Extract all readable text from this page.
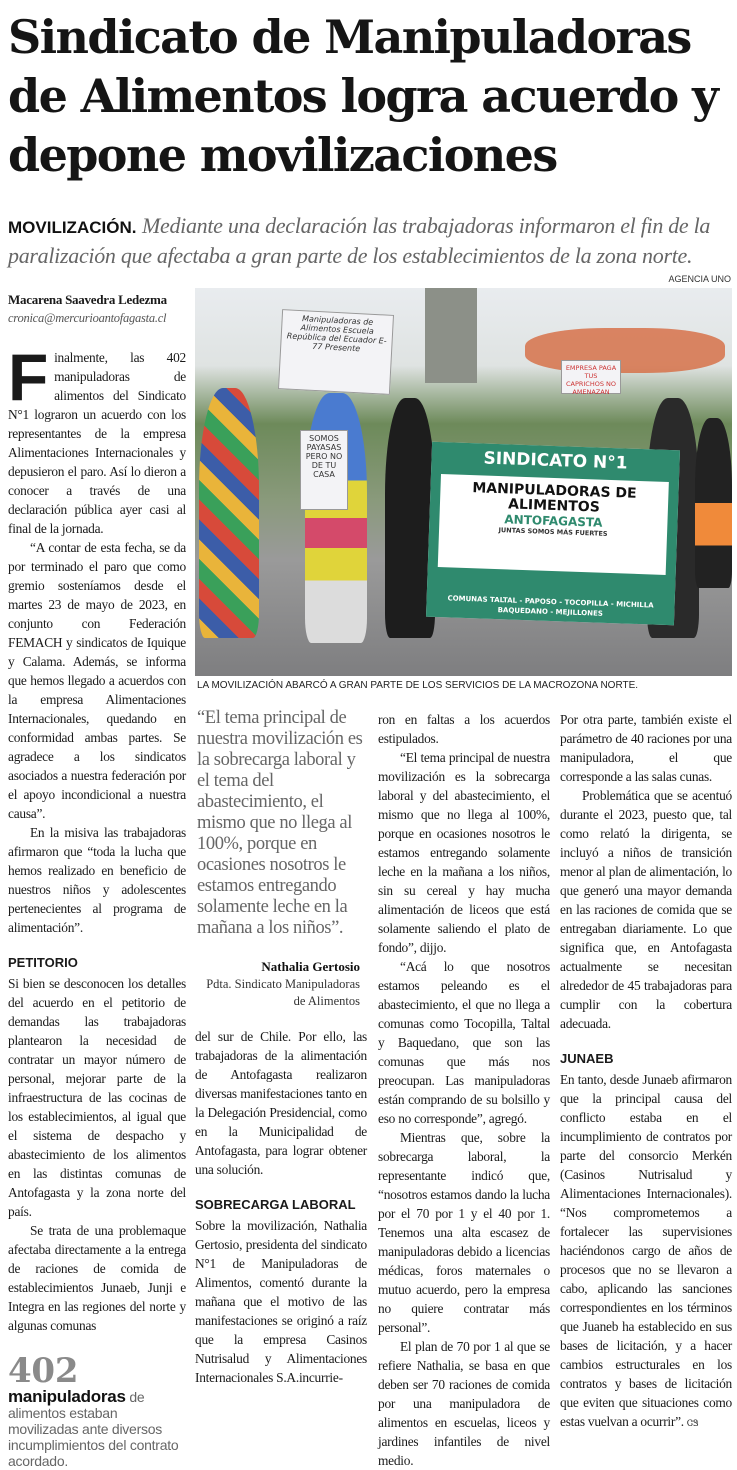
Sindicato de Manipuladoras de Alimentos logra acuerdo y depone movilizaciones
MOVILIZACIÓN. Mediante una declaración las trabajadoras informaron el fin de la paralización que afectaba a gran parte de los establecimientos de la zona norte.
AGENCIA UNO
Manipuladoras de Alimentos Escuela República del Ecuador E-77 Presente
SOMOS PAYASAS PERO NO DE TU CASA
EMPRESA PAGA TUS CAPRICHOS NO AMENAZAN
SINDICATO N°1
MANIPULADORAS DE ALIMENTOS
ANTOFAGASTA
JUNTAS SOMOS MÁS FUERTES
COMUNAS TALTAL - PAPOSO - TOCOPILLA - MICHILLA BAQUEDANO - MEJILLONES
LA MOVILIZACIÓN ABARCÓ A GRAN PARTE DE LOS SERVICIOS DE LA MACROZONA NORTE.
Macarena Saavedra Ledezma
cronica@mercurioantofagasta.cl

Finalmente, las 402 manipuladoras de alimentos del Sindicato N°1 lograron un acuerdo con los representantes de la empresa Alimentaciones Internacionales y depusieron el paro. Así lo dieron a conocer a través de una declaración pública ayer casi al final de la jornada.

“A contar de esta fecha, se da por terminado el paro que como gremio sosteníamos desde el martes 23 de mayo de 2023, en conjunto con Federación FEMACH y sindicatos de Iquique y Calama. Además, se informa que hemos llegado a acuerdos con la empresa Alimentaciones Internacionales, quedando en conformidad ambas partes. Se agradece a los sindicatos asociados a nuestra federación por el apoyo incondicional a nuestra causa”.

En la misiva las trabajadoras afirmaron que “toda la lucha que hemos realizado en beneficio de nuestros niños y adolescentes pertenecientes al programa de alimentación”.

PETITORIO

Si bien se desconocen los detalles del acuerdo en el petitorio de demandas las trabajadoras plantearon la necesidad de contratar un mayor número de personal, mejorar parte de la infraestructura de las cocinas de los establecimientos, al igual que el sistema de despacho y abastecimiento de los alimentos en las distintas comunas de Antofagasta y la zona norte del país.

Se trata de una problemaque afectaba directamente a la entrega de raciones de comida de establecimientos Junaeb, Junji e Integra en las regiones del norte y algunas comunas

402
manipuladoras de alimentos estaban movilizadas ante diversos incumplimientos del contrato acordado.
“El tema principal de nuestra movilización es la sobrecarga laboral y el tema del abastecimiento, el mismo que no llega al 100%, porque en ocasiones nosotros le estamos entregando solamente leche en la mañana a los niños”.
Nathalia Gertosio
Pdta. Sindicato Manipuladoras de Alimentos

del sur de Chile. Por ello, las trabajadoras de la alimentación de Antofagasta realizaron diversas manifestaciones tanto en la Delegación Presidencial, como en la Municipalidad de Antofagasta, para lograr obtener una solución.

SOBRECARGA LABORAL

Sobre la movilización, Nathalia Gertosio, presidenta del sindicato N°1 de Manipuladoras de Alimentos, comentó durante la mañana que el motivo de las manifestaciones se originó a raíz que la empresa Casinos Nutrisalud y Alimentaciones Internacionales S.A.incurrie-

ron en faltas a los acuerdos estipulados.

“El tema principal de nuestra movilización es la sobrecarga laboral y del abastecimiento, el mismo que no llega al 100%, porque en ocasiones nosotros le estamos entregando solamente leche en la mañana a los niños, sin su cereal y hay mucha alimentación de liceos que está solamente saliendo el plato de fondo”, dijjo.

“Acá lo que nosotros estamos peleando es el abastecimiento, el que no llega a comunas como Tocopilla, Taltal y Baquedano, que son las comunas que más nos preocupan. Las manipuladoras están comprando de su bolsillo y eso no corresponde”, agregó.

Mientras que, sobre la sobrecarga laboral, la representante indicó que, “nosotros estamos dando la lucha por el 70 por 1 y el 40 por 1. Tenemos una alta escasez de manipuladoras debido a licencias médicas, foros maternales o mutuo acuerdo, pero la empresa no quiere contratar más personal”.

El plan de 70 por 1 al que se refiere Nathalia, se basa en que deben ser 70 raciones de comida por una manipuladora de alimentos en escuelas, liceos y jardines infantiles de nivel medio.

Por otra parte, también existe el parámetro de 40 raciones por una manipuladora, el que corresponde a las salas cunas.

Problemática que se acentuó durante el 2023, puesto que, tal como relató la dirigenta, se incluyó a niños de transición menor al plan de alimentación, lo que generó una mayor demanda en las raciones de comida que se entregaban diariamente. Lo que significa que, en Antofagasta actualmente se necesitan alrededor de 45 trabajadoras para cumplir con la cobertura adecuada.

JUNAEB

En tanto, desde Junaeb afirmaron que la principal causa del conflicto estaba en el incumplimiento de contratos por parte del consorcio Merkén (Casinos Nutrisalud y Alimentaciones Internacionales). “Nos comprometemos a fortalecer las supervisiones haciéndonos cargo de años de procesos que no se llevaron a cabo, aplicando las sanciones correspondientes en los términos que Juaneb ha establecido en sus bases de licitación, y a hacer cambios estructurales en los contratos y bases de licitación que eviten que situaciones como estas vuelvan a ocurrir”. ᏣᏕ
